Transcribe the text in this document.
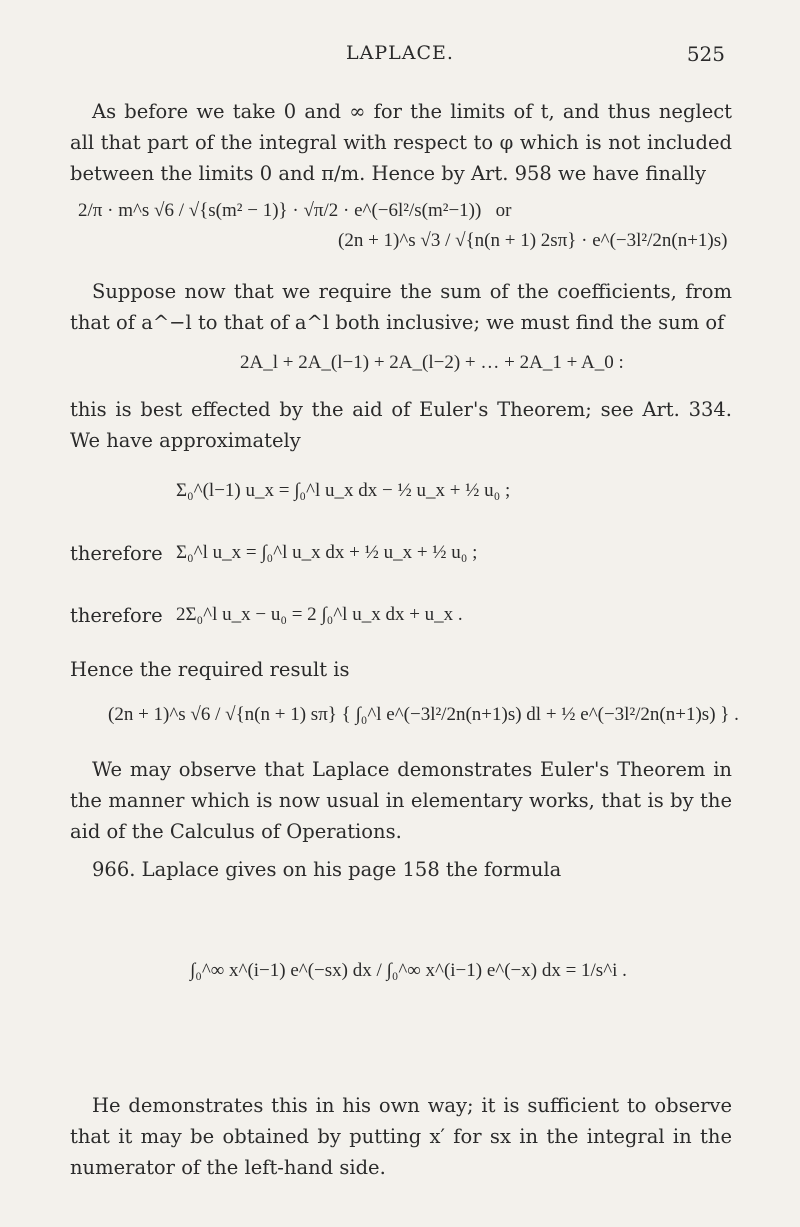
LAPLACE.	525

As before we take 0 and ∞ for the limits of t, and thus neglect all that part of the integral with respect to φ which is not included between the limits 0 and π/m. Hence by Art. 958 we have finally

2/π · m^s √6 / √{s(m² − 1)} · √π/2 · e^(−6l²/s(m²−1)) or
(2n + 1)^s √3 / √{n(n + 1) 2sπ} · e^(−3l²/2n(n+1)s)

Suppose now that we require the sum of the coefficients, from that of a^−l to that of a^l both inclusive; we must find the sum of

2A_l + 2A_(l−1) + 2A_(l−2) + … + 2A_1 + A_0 :

this is best effected by the aid of Euler's Theorem; see Art. 334. We have approximately

Σ₀^(l−1) u_x = ∫₀^l u_x dx − ½ u_x + ½ u₀ ;
therefore Σ₀^l u_x = ∫₀^l u_x dx + ½ u_x + ½ u₀ ;
therefore 2Σ₀^l u_x − u₀ = 2 ∫₀^l u_x dx + u_x .

Hence the required result is

(2n + 1)^s √6 / √{n(n + 1) sπ} { ∫₀^l e^(−3l²/2n(n+1)s) dl + ½ e^(−3l²/2n(n+1)s) } .

We may observe that Laplace demonstrates Euler's Theorem in the manner which is now usual in elementary works, that is by the aid of the Calculus of Operations.

966. Laplace gives on his page 158 the formula

∫₀^∞ x^(i−1) e^(−sx) dx / ∫₀^∞ x^(i−1) e^(−x) dx = 1/s^i .

He demonstrates this in his own way; it is sufficient to observe that it may be obtained by putting x′ for sx in the integral in the numerator of the left-hand side.
